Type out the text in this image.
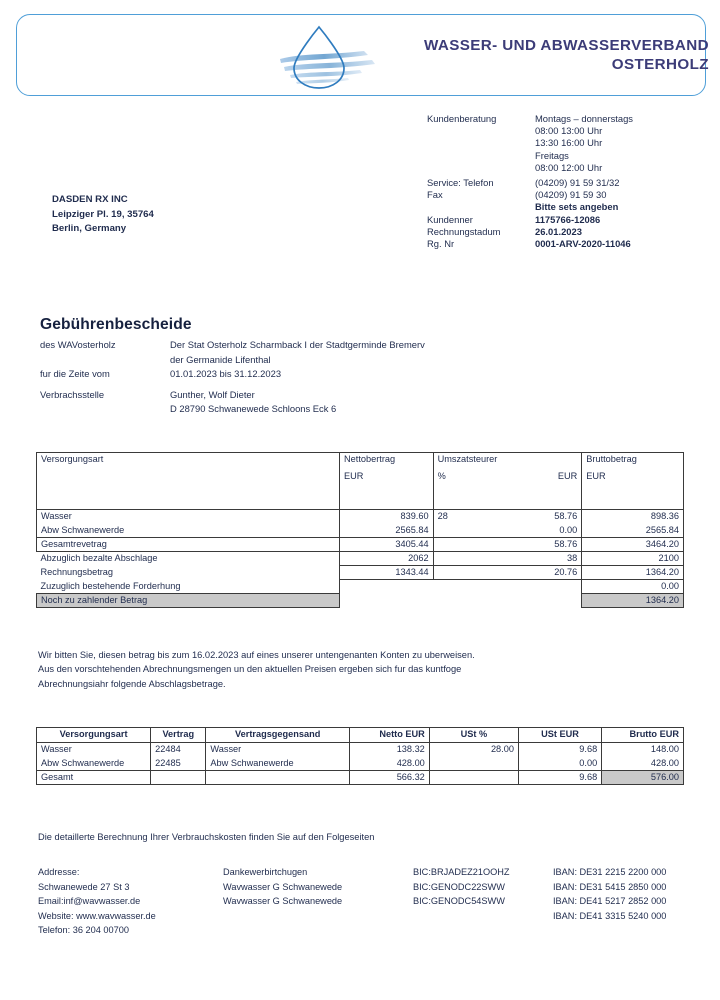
WASSER- UND ABWASSERVERBAND
OSTERHOLZ
Kundenberatung	Montags – donnerstags
08:00 13:00 Uhr
13:30 16:00 Uhr
Freitags
08:00 12:00 Uhr
Service: Telefon	(04209) 91 59 31/32
Fax	(04209) 91 59 30
Bitte sets angeben
Kundenner	1175766-12086
Rechnungstadum	26.01.2023
Rg. Nr	0001-ARV-2020-11046
DASDEN RX INC
Leipziger Pl. 19, 35764
Berlin, Germany
Gebührenbescheide
des WAVosterholz	Der Stat Osterholz Scharmback I der Stadtgerminde Bremerv
der Germanide Lifenthal
fur die Zeite vom	01.01.2023 bis 31.12.2023
Verbrachsstelle	Gunther, Wolf Dieter
D 28790 Schwanewede Schloons Eck 6
Versorgungsart	Nettobertrag	Umszatsteurer		Bruttobetrag
	EUR	%	EUR	EUR

Wasser	839.60	28	58.76	898.36
Abw Schwanewerde	2565.84		0.00	2565.84
Gesamtrevetrag	3405.44		58.76	3464.20
Abzuglich bezalte Abschlage	2062		38	2100
Rechnungsbetrag	1343.44		20.76	1364.20
Zuzuglich bestehende Forderhung				0.00
Noch zu zahlender Betrag				1364.20
Wir bitten Sie, diesen betrag bis zum 16.02.2023 auf eines unserer untengenanten Konten zu uberweisen.
Aus den vorschtehenden Abrechnungsmengen un den aktuellen Preisen ergeben sich fur das kuntfoge
Abrechnungsiahr folgende Abschlagsbetrage.
Versorgungsart	Vertrag	Vertragsgegensand	Netto EUR	USt %	USt EUR	Brutto EUR
Wasser	22484	Wasser	138.32	28.00	9.68	148.00
Abw Schwanewerde	22485	Abw Schwanewerde	428.00		0.00	428.00
Gesamt			566.32		9.68	576.00
Die detaillerte Berechnung Ihrer Verbrauchskosten finden Sie auf den Folgeseiten
Addresse:	Dankewerbirtchugen	BIC:BRJADEZ21OOHZ	IBAN: DE31 2215 2200 000
Schwanewede 27 St 3	Wavwasser G Schwanewede	BIC:GENODC22SWW	IBAN: DE31 5415 2850 000
Email:inf@wavwasser.de	Wavwasser G Schwanewede	BIC:GENODC54SWW	IBAN: DE41 5217 2852 000
Website: www.wavwasser.de	IBAN: DE41 3315 5240 000
Telefon: 36 204 00700
